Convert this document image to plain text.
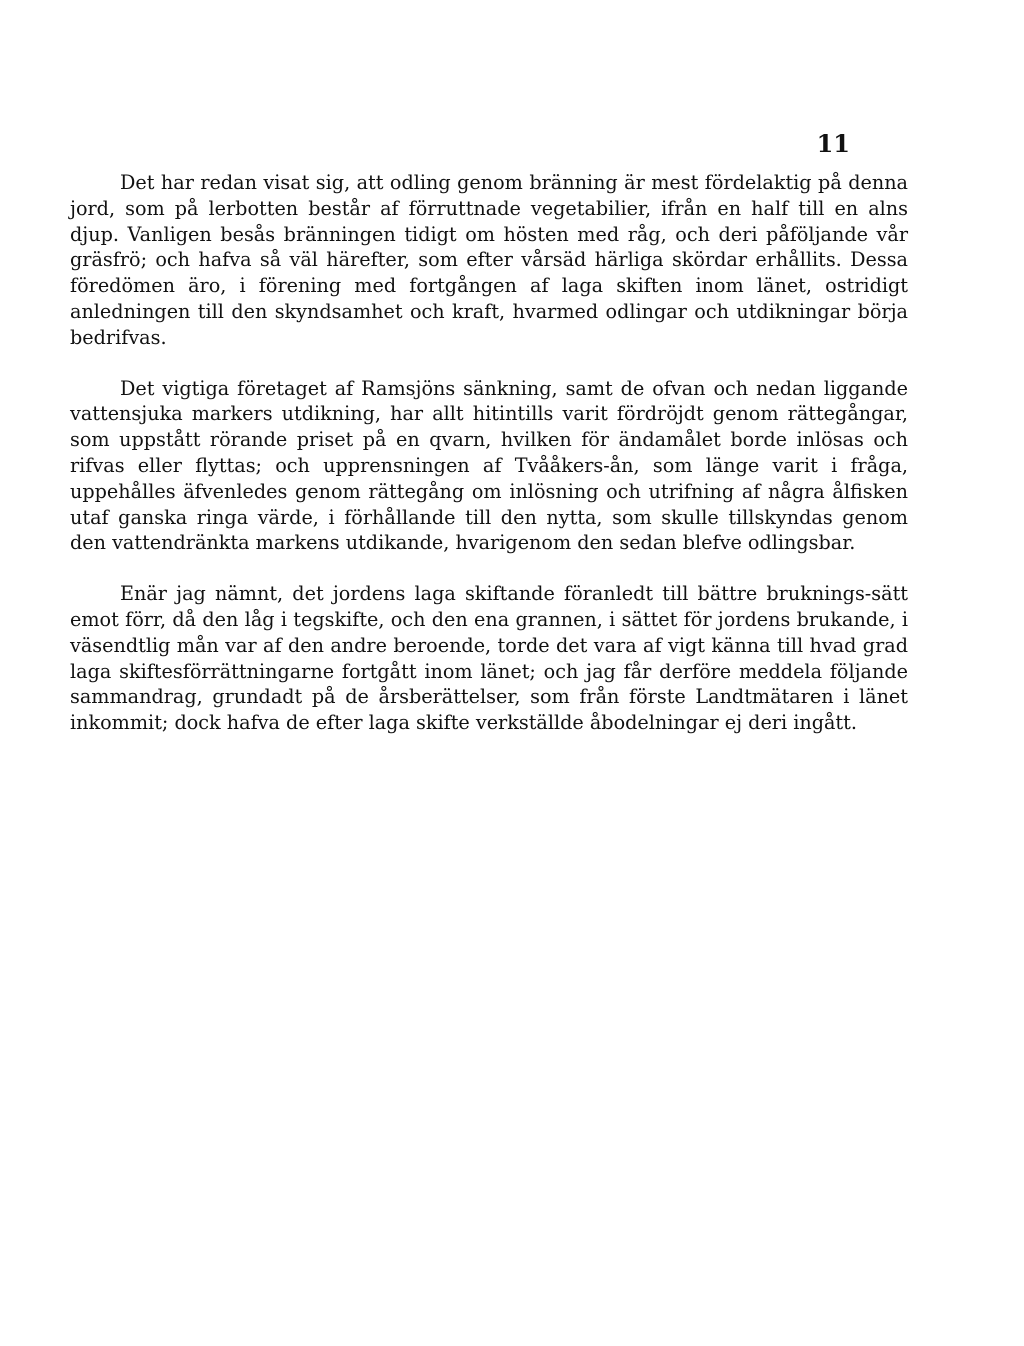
11

Det har redan visat sig, att odling genom bränning är mest fördelaktig på denna jord, som på lerbotten består af förruttnade vegetabilier, ifrån en half till en alns djup. Vanligen besås bränningen tidigt om hösten med råg, och deri påföljande vår gräsfrö; och hafva så väl härefter, som efter vårsäd härliga skördar erhållits. Dessa föredömen äro, i förening med fortgången af laga skiften inom länet, ostridigt anledningen till den skyndsamhet och kraft, hvarmed odlingar och utdikningar börja bedrifvas.

Det vigtiga företaget af Ramsjöns sänkning, samt de ofvan och nedan liggande vattensjuka markers utdikning, har allt hitintills varit fördröjdt genom rättegångar, som uppstått rörande priset på en qvarn, hvilken för ändamålet borde inlösas och rifvas eller flyttas; och upprensningen af Tvååkers-ån, som länge varit i fråga, uppehålles äfvenledes genom rättegång om inlösning och utrifning af några ålfisken utaf ganska ringa värde, i förhållande till den nytta, som skulle tillskyndas genom den vattendränkta markens utdikande, hvarigenom den sedan blefve odlingsbar.

Enär jag nämnt, det jordens laga skiftande föranledt till bättre bruknings-sätt emot förr, då den låg i tegskifte, och den ena grannen, i sättet för jordens brukande, i väsendtlig mån var af den andre beroende, torde det vara af vigt känna till hvad grad laga skiftesförrättningarne fortgått inom länet; och jag får derföre meddela följande sammandrag, grundadt på de årsberättelser, som från förste Landtmätaren i länet inkommit; dock hafva de efter laga skifte verkställde åbodelningar ej deri ingått.
